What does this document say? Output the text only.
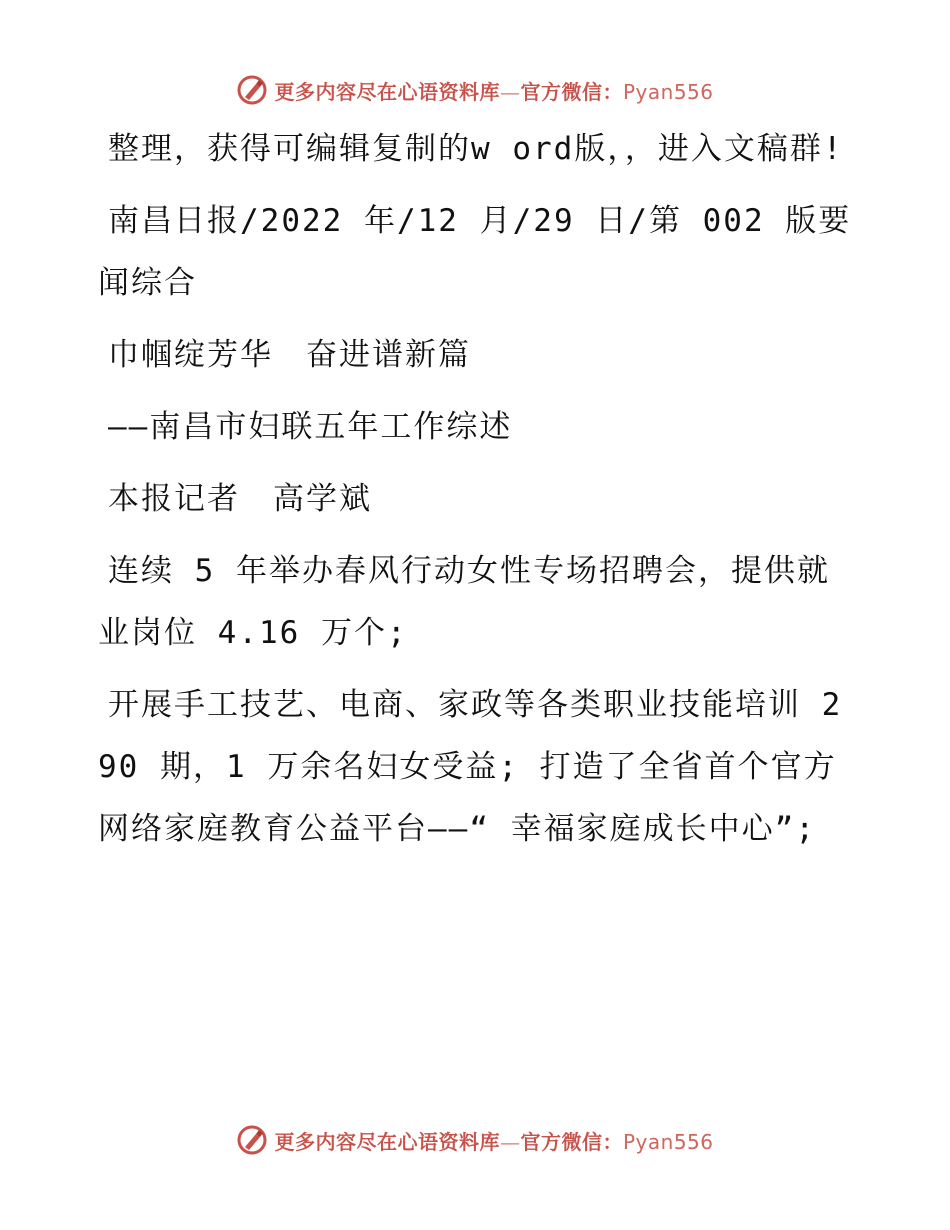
更多内容尽在心语资料库—官方微信：Pyan556

整理，获得可编辑复制的w ord版，，进入文稿群!

南昌日报/2022 年/12 月/29 日/第 002 版要闻综合

巾帼绽芳华　奋进谱新篇

——南昌市妇联五年工作综述

本报记者　高学斌

连续 5 年举办春风行动女性专场招聘会，提供就业岗位 4.16 万个;

开展手工技艺、电商、家政等各类职业技能培训 290 期，1 万余名妇女受益; 打造了全省首个官方网络家庭教育公益平台——“ 幸福家庭成长中心”;

更多内容尽在心语资料库—官方微信：Pyan556
